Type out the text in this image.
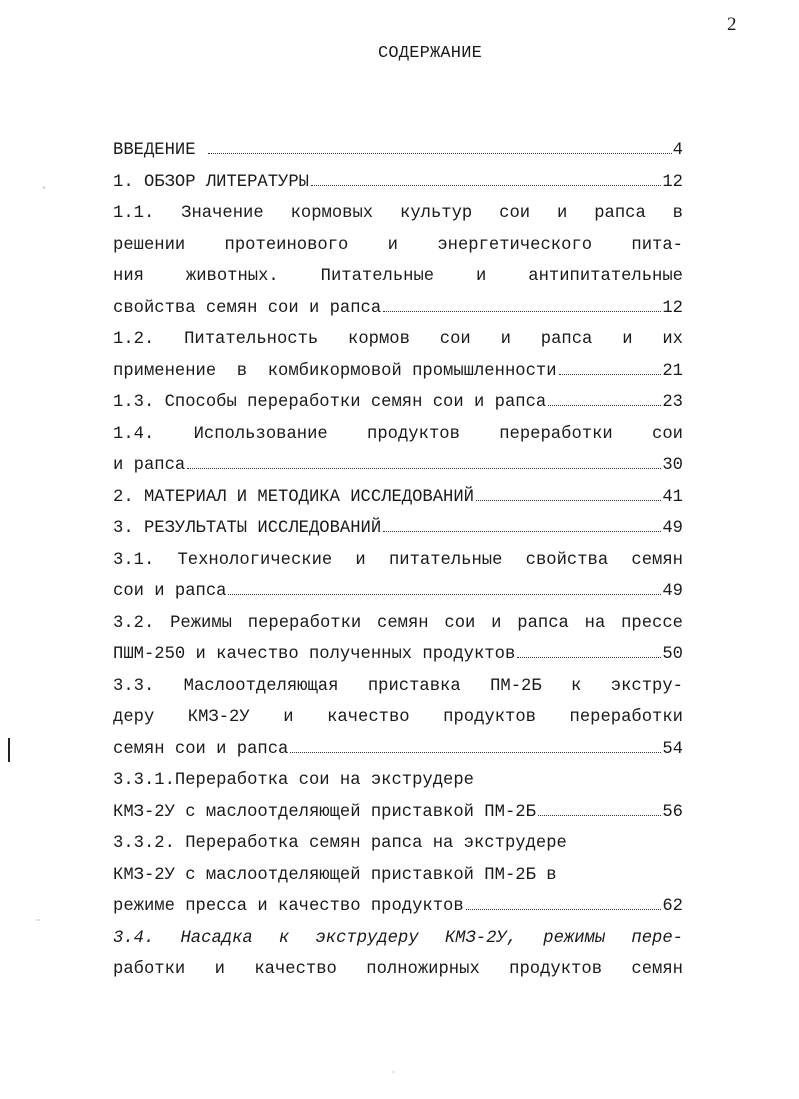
2
СОДЕРЖАНИЕ
ВВЕДЕНИЕ	4
1. ОБЗОР ЛИТЕРАТУРЫ	12
1.1. Значение кормовых культур сои и рапса в
решении протеинового и энергетического пита-
ния животных. Питательные и антипитательные
свойства семян сои и рапса	12
1.2. Питательность кормов сои и рапса и их
применение  в  комбикормовой промышленности	21
1.3. Способы переработки семян сои и рапса	23
1.4. Использование продуктов переработки сои
и рапса	30
2. МАТЕРИАЛ И МЕТОДИКА ИССЛЕДОВАНИЙ	41
3. РЕЗУЛЬТАТЫ ИССЛЕДОВАНИЙ	49
3.1. Технологические и питательные свойства семян
сои и рапса	49
3.2. Режимы переработки семян сои и рапса на прессе
ПШМ-250 и качество полученных продуктов	50
3.3. Маслоотделяющая приставка ПМ-2Б к экстру-
деру КМЗ-2У и качество продуктов переработки
семян сои и рапса	54
3.3.1.Переработка сои на экструдере
КМЗ-2У с маслоотделяющей приставкой ПМ-2Б	56
3.3.2. Переработка семян рапса на экструдере
КМЗ-2У с маслоотделяющей приставкой ПМ-2Б в
режиме пресса и качество продуктов	62
3.4. Насадка к экструдеру КМЗ-2У, режимы пере-
работки и качество полножирных продуктов семян
ˎ
··
·
